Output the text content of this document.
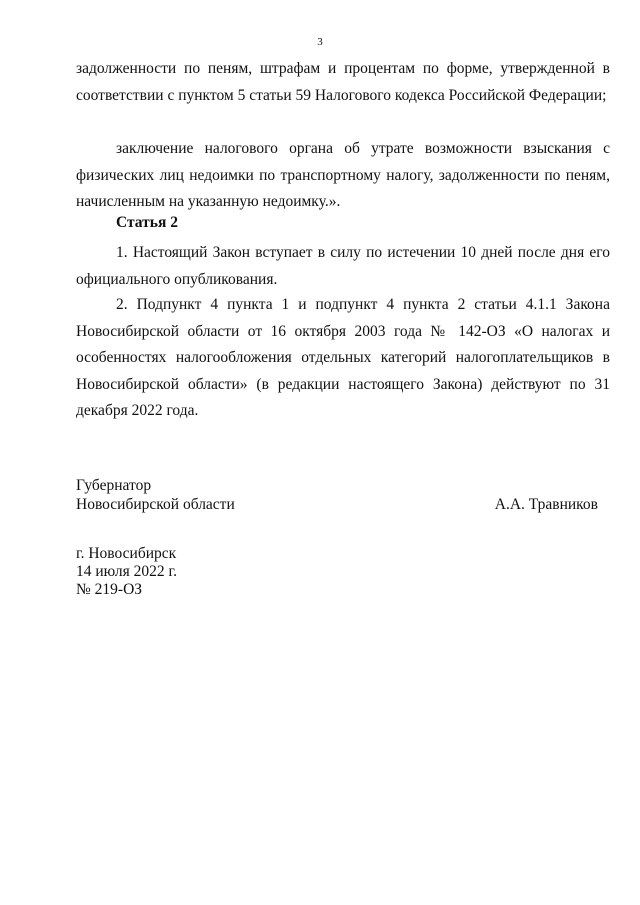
3
задолженности по пеням, штрафам и процентам по форме, утвержденной в соответствии с пунктом 5 статьи 59 Налогового кодекса Российской Федерации;
заключение налогового органа об утрате возможности взыскания с физических лиц недоимки по транспортному налогу, задолженности по пеням, начисленным на указанную недоимку.».
Статья 2
1. Настоящий Закон вступает в силу по истечении 10 дней после дня его официального опубликования.
2. Подпункт 4 пункта 1 и подпункт 4 пункта 2 статьи 4.1.1 Закона Новосибирской области от 16 октября 2003 года № 142-ОЗ «О налогах и особенностях налогообложения отдельных категорий налогоплательщиков в Новосибирской области» (в редакции настоящего Закона) действуют по 31 декабря 2022 года.
Губернатор
Новосибирской области	А.А. Травников
г. Новосибирск
14 июля 2022 г.
№ 219-ОЗ
